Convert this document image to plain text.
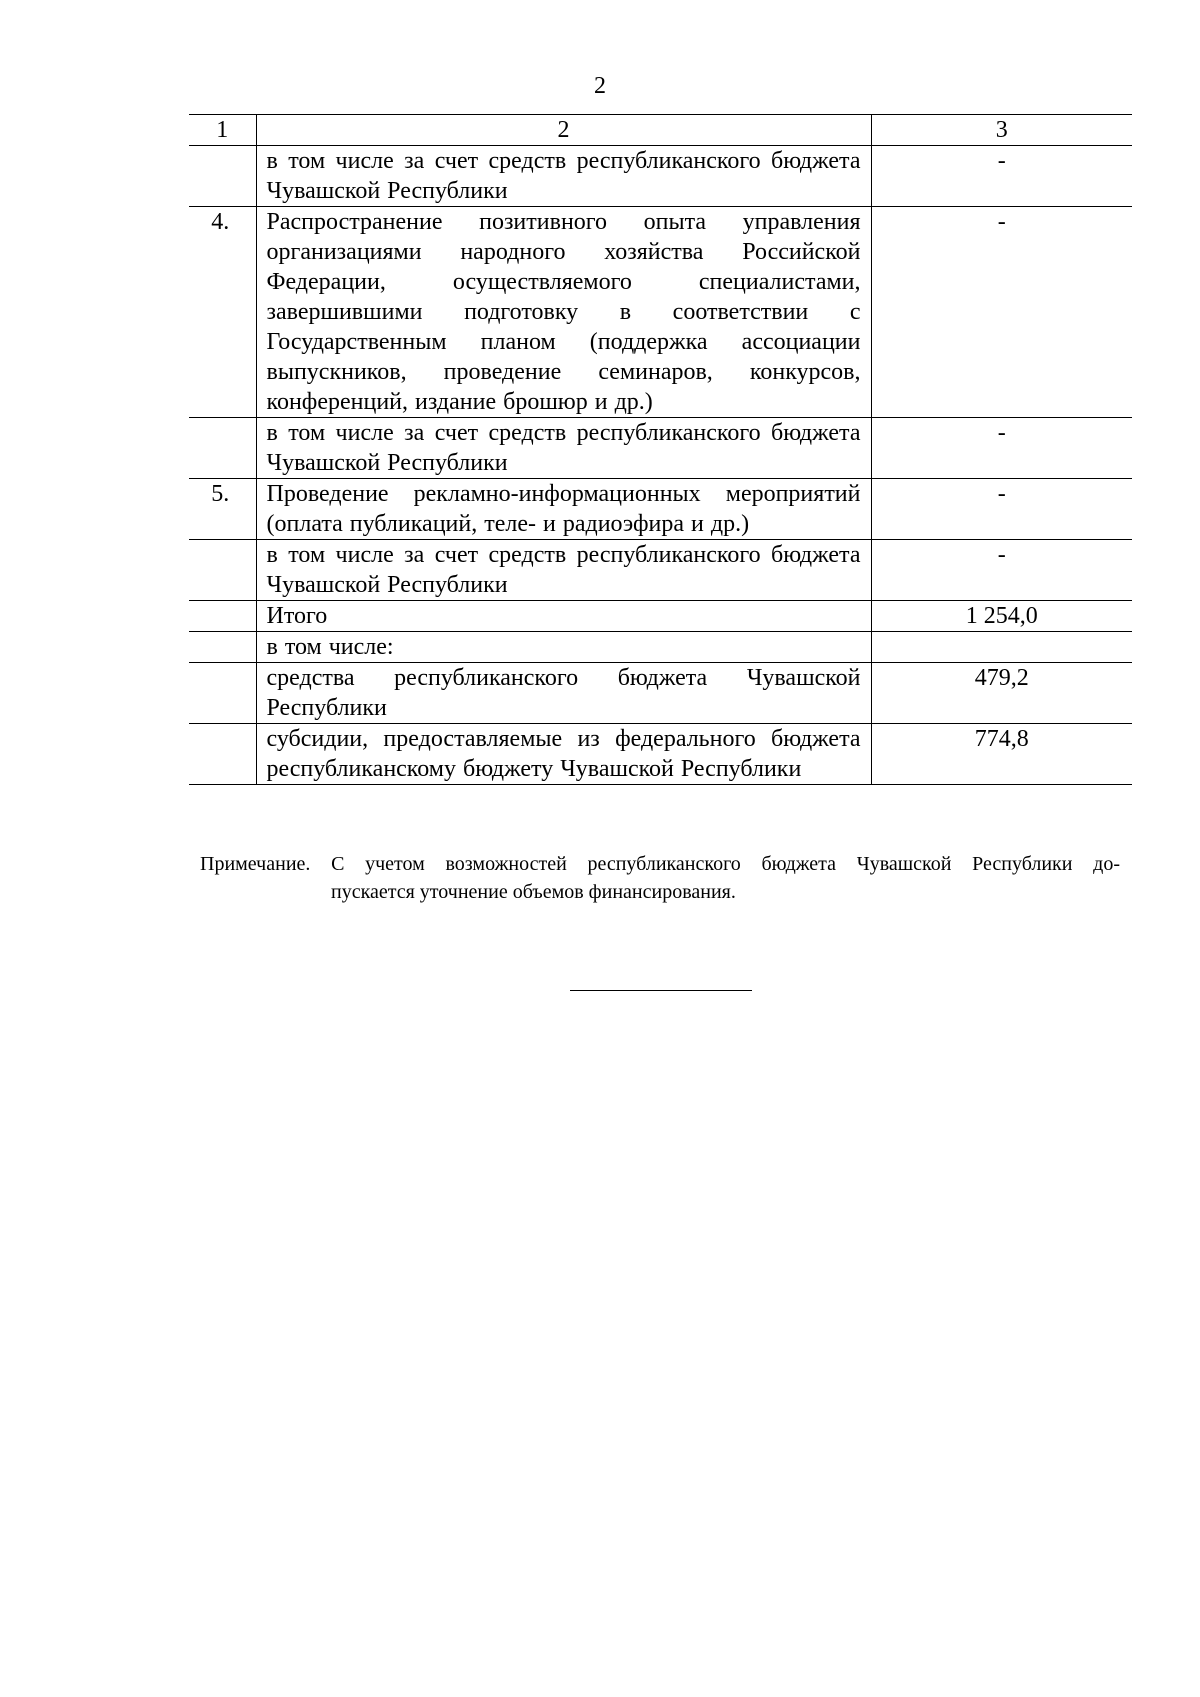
2
1	2	3
	в том числе за счет средств республиканского бюджета Чувашской Республики	-
4.	Распространение позитивного опыта управления организациями народного хозяйства Российской Федерации, осуществляемого специалистами, завершившими подготовку в соответствии с Государственным планом (поддержка ассоциации выпускников, проведение семинаров, конкурсов, конференций, издание брошюр и др.)	-
	в том числе за счет средств республиканского бюджета Чувашской Республики	-
5.	Проведение рекламно-информационных мероприятий (оплата публикаций, теле- и радиоэфира и др.)	-
	в том числе за счет средств республиканского бюджета Чувашской Республики	-
	Итого	1 254,0
	в том числе:	
	средства республиканского бюджета Чувашской Республики	479,2
	субсидии, предоставляемые из федерального бюджета республиканскому бюджету Чувашской Республики	774,8
Примечание. С учетом возможностей республиканского бюджета Чувашской Республики до-
пускается уточнение объемов финансирования.
